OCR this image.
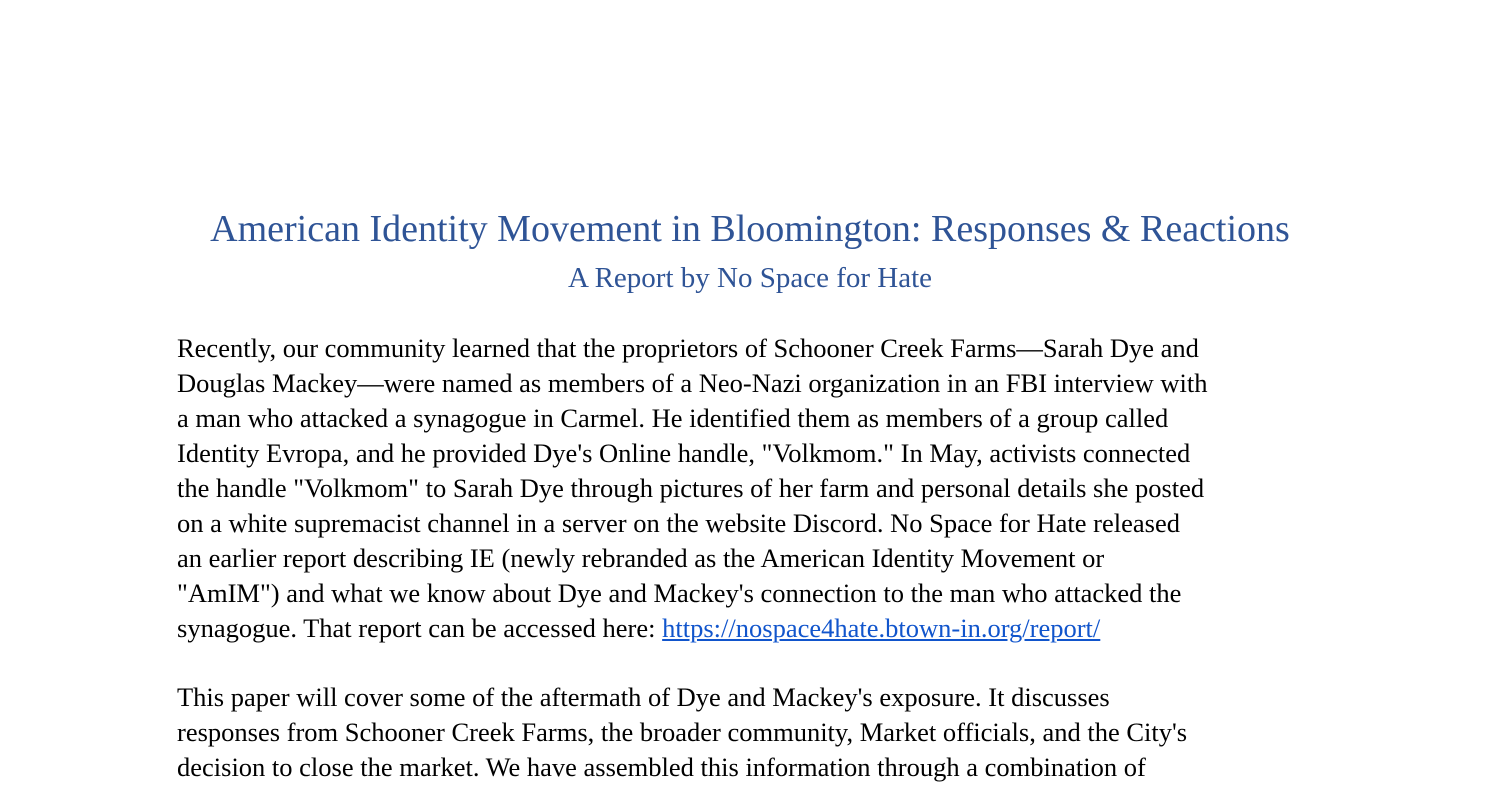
American Identity Movement in Bloomington: Responses & Reactions
A Report by No Space for Hate
Recently, our community learned that the proprietors of Schooner Creek Farms—Sarah Dye and
Douglas Mackey—were named as members of a Neo-Nazi organization in an FBI interview with
a man who attacked a synagogue in Carmel. He identified them as members of a group called
Identity Evropa, and he provided Dye's Online handle, "Volkmom." In May, activists connected
the handle "Volkmom" to Sarah Dye through pictures of her farm and personal details she posted
on a white supremacist channel in a server on the website Discord. No Space for Hate released
an earlier report describing IE (newly rebranded as the American Identity Movement or
"AmIM") and what we know about Dye and Mackey's connection to the man who attacked the
synagogue. That report can be accessed here: https://nospace4hate.btown-in.org/report/
This paper will cover some of the aftermath of Dye and Mackey's exposure. It discusses
responses from Schooner Creek Farms, the broader community, Market officials, and the City's
decision to close the market. We have assembled this information through a combination of
